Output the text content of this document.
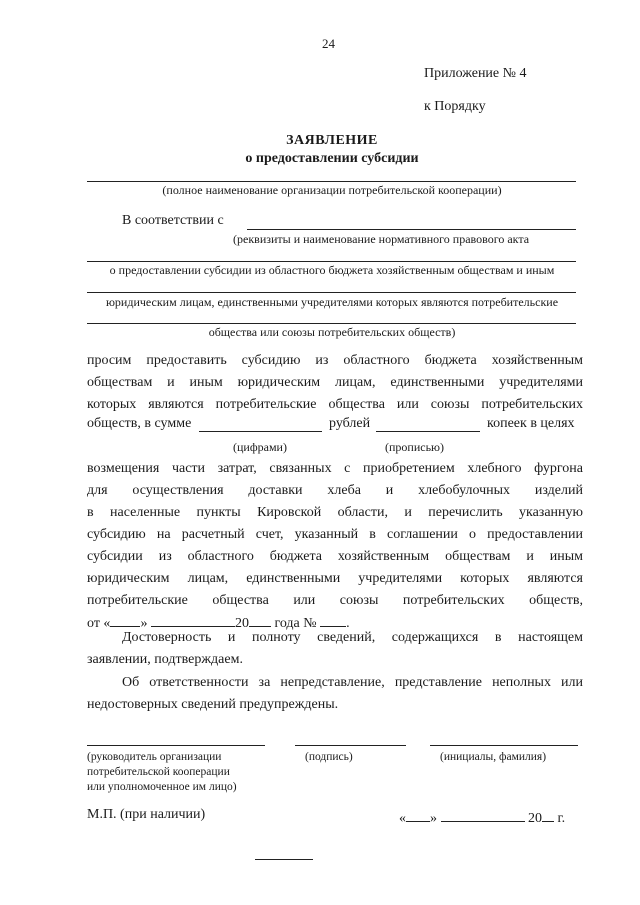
24
Приложение № 4
к Порядку
ЗАЯВЛЕНИЕ
о предоставлении субсидии
(полное наименование организации потребительской кооперации)
В соответствии с
(реквизиты и наименование нормативного правового акта
о предоставлении субсидии из областного бюджета хозяйственным обществам и иным
юридическим лицам, единственными учредителями которых являются потребительские
общества или союзы потребительских обществ)
просим предоставить субсидию из областного бюджета хозяйственным
обществам и иным юридическим лицам, единственными учредителями
которых являются потребительские общества или союзы потребительских
обществ, в сумме	рублей	копеек в целях
(цифрами)	(прописью)
возмещения части затрат, связанных с приобретением хлебного фургона
для осуществления доставки хлеба и хлебобулочных изделий
в населенные пункты Кировской области, и перечислить указанную
субсидию на расчетный счет, указанный в соглашении о предоставлении
субсидии из областного бюджета хозяйственным обществам и иным
юридическим лицам, единственными учредителями которых являются
потребительские общества или союзы потребительских обществ,
от « »	20 года № .
Достоверность и полноту сведений, содержащихся в настоящем
заявлении, подтверждаем.
Об ответственности за непредставление, представление неполных или
недостоверных сведений предупреждены.
(руководитель организации
потребительской кооперации
или уполномоченное им лицо)
(подпись)	(инициалы, фамилия)
М.П. (при наличии)	« »	20 г.
